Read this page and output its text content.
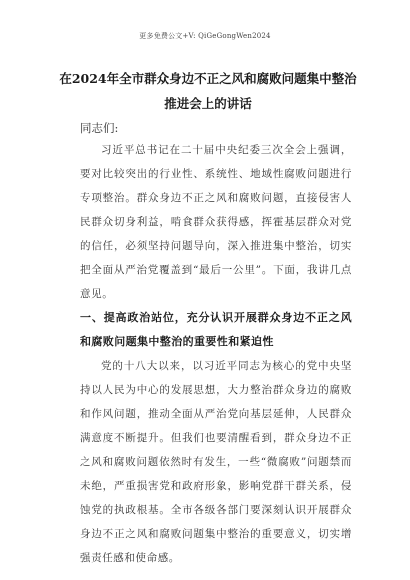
更多免费公文+V: QiGeGongWen2024
在2024年全市群众身边不正之风和腐败问题集中整治推进会上的讲话
同志们:

习近平总书记在二十届中央纪委三次全会上强调，要对比较突出的行业性、系统性、地域性腐败问题进行专项整治。群众身边不正之风和腐败问题，直接侵害人民群众切身利益，啃食群众获得感，挥霍基层群众对党的信任，必须坚持问题导向，深入推进集中整治，切实把全面从严治党覆盖到“最后一公里”。下面，我讲几点意见。

一、提高政治站位，充分认识开展群众身边不正之风和腐败问题集中整治的重要性和紧迫性

党的十八大以来，以习近平同志为核心的党中央坚持以人民为中心的发展思想，大力整治群众身边的腐败和作风问题，推动全面从严治党向基层延伸，人民群众满意度不断提升。但我们也要清醒看到，群众身边不正之风和腐败问题依然时有发生，一些“微腐败”问题禁而未绝，严重损害党和政府形象，影响党群干群关系，侵蚀党的执政根基。全市各级各部门要深刻认识开展群众身边不正之风和腐败问题集中整治的重要意义，切实增强责任感和使命感。
